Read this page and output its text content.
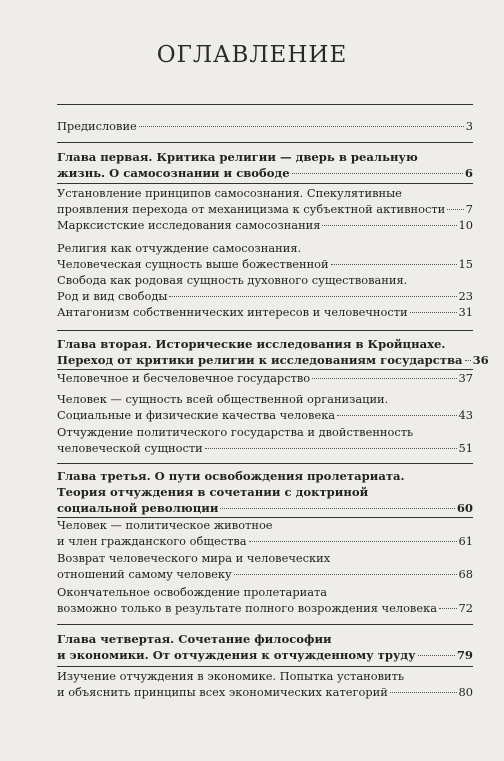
ОГЛАВЛЕНИЕ
Предисловие	3
Глава первая. Критика религии — дверь в реальную
жизнь. О самосознании и свободе	6
Установление принципов самосознания. Спекулятивные
проявления перехода от механицизма к субъектной активности 7
Марксистские исследования самосознания	10
Религия как отчуждение самосознания.
Человеческая сущность выше божественной	15
Свобода как родовая сущность духовного существования.
Род и вид свободы	23
Антагонизм собственнических интересов и человечности	31
Глава вторая. Исторические исследования в Кройцнахе.
Переход от критики религии к исследованиям государства 36
Человечное и бесчеловечное государство	37
Человек — сущность всей общественной организации.
Социальные и физические качества человека	43
Отчуждение политического государства и двойственность
человеческой сущности	51
Глава третья. О пути освобождения пролетариата.
Теория отчуждения в сочетании с доктриной
социальной революции	60
Человек — политическое животное
и член гражданского общества	61
Возврат человеческого мира и человеческих
отношений самому человеку	68
Окончательное освобождение пролетариата
возможно только в результате полного возрождения человека 72
Глава четвертая. Сочетание философии
и экономики. От отчуждения к отчужденному труду	79
Изучение отчуждения в экономике. Попытка установить
и объяснить принципы всех экономических категорий	80
